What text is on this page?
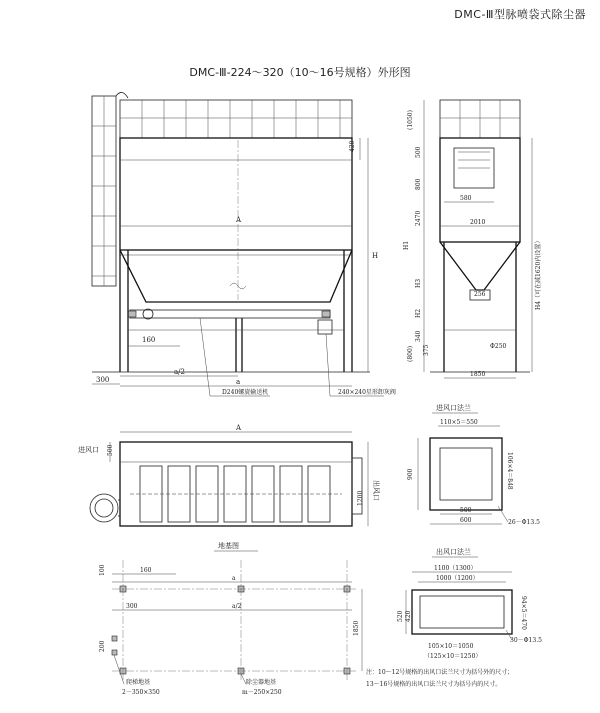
DMC-Ⅲ型脉喷袋式除尘器
DMC-Ⅲ-224～320（10～16号规格）外形图
420
H
A
160
300
a/2
a
D240螺旋输送机	240×240星形卸灰阀
(1050)
500
800
2470
H1
H3
H2
340
375
(800)
H4（可在减1620内设置）
580
2010
256
Φ250
1850
A
进风口 500
出风口
1200
进风口法兰
110×5＝550
900	106×4＝848
500
600	26－Φ13.5
地基图
160
a
300	a/2
1850
100
200
爬梯地基
2－350×350
除尘器地基
m－250×250
出风口法兰
1100（1300）
1000（1200）
520 420	94×5＝470
30－Φ13.5
105×10＝1050
（125×10＝1250）
注：10～12号规格的出风口法兰尺寸为括号外的尺寸；
13～16号规格的出风口法兰尺寸为括号内的尺寸。
